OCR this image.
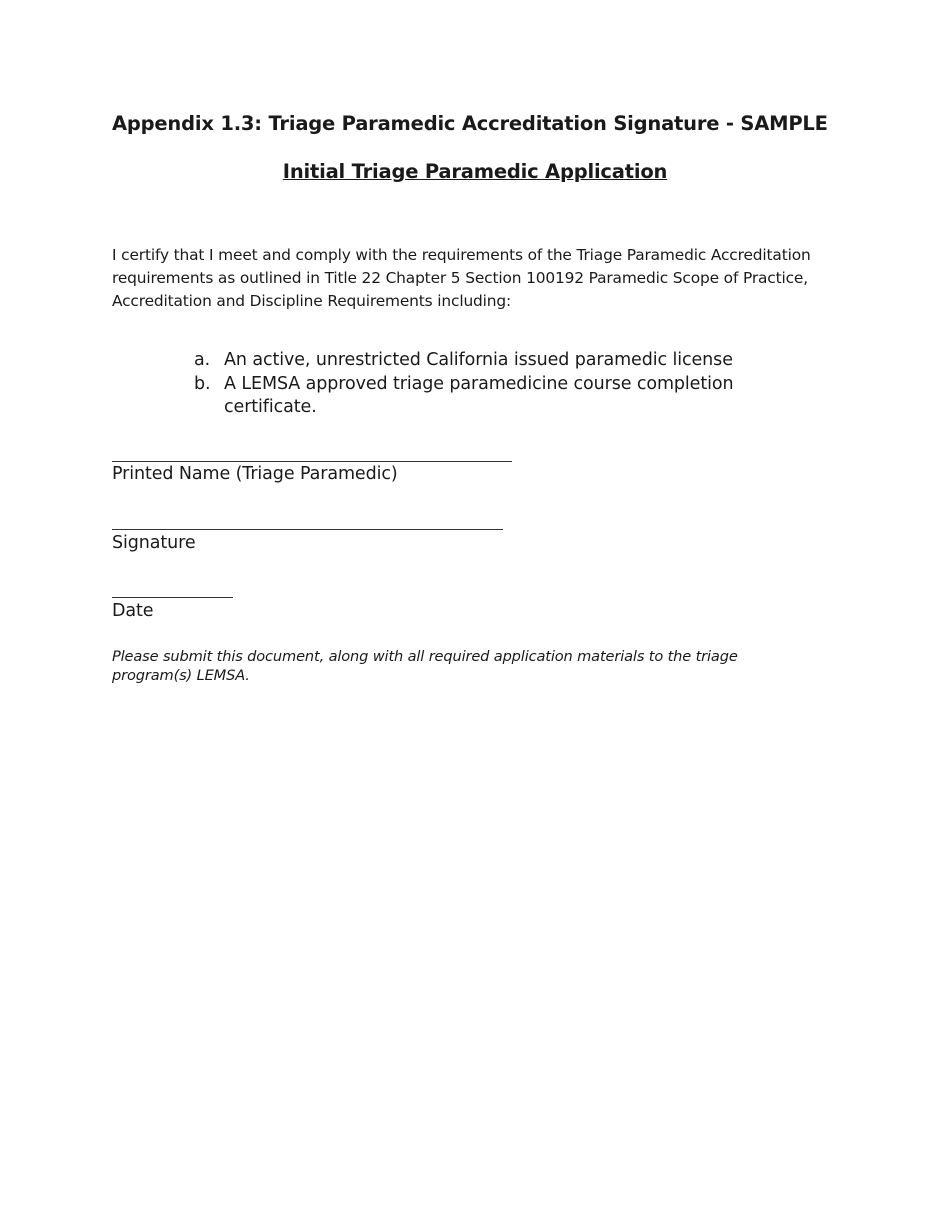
Appendix 1.3: Triage Paramedic Accreditation Signature - SAMPLE
Initial Triage Paramedic Application
I certify that I meet and comply with the requirements of the Triage Paramedic Accreditation requirements as outlined in Title 22 Chapter 5 Section 100192 Paramedic Scope of Practice, Accreditation and Discipline Requirements including:
a. An active, unrestricted California issued paramedic license
b. A LEMSA approved triage paramedicine course completion certificate.
Printed Name (Triage Paramedic)
Signature
Date
Please submit this document, along with all required application materials to the triage program(s) LEMSA.
